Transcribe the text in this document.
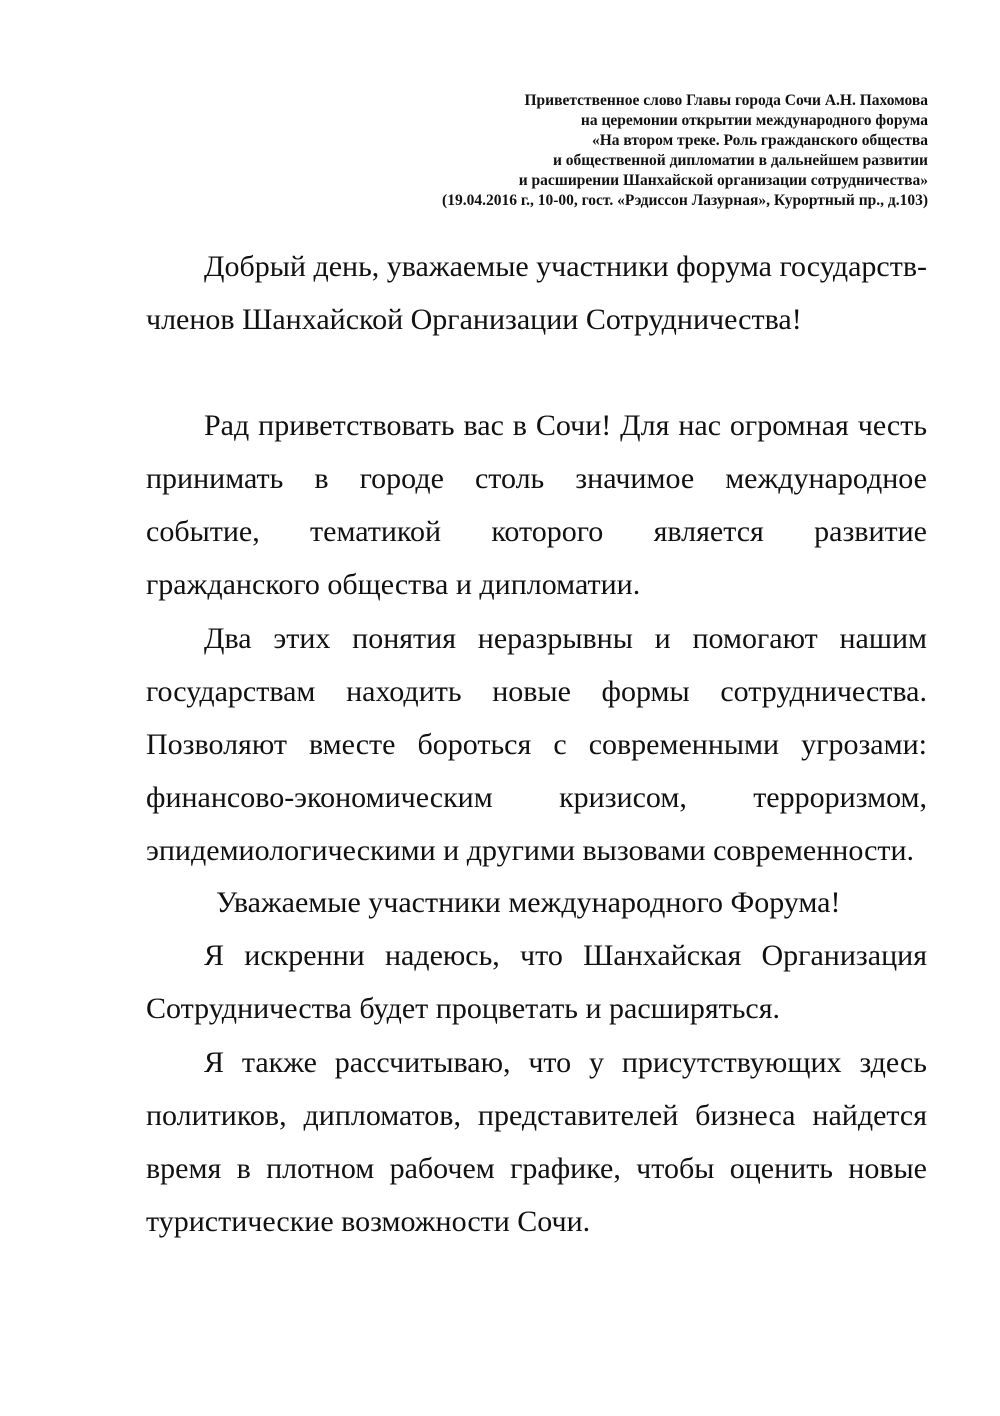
Приветственное слово Главы города Сочи А.Н. Пахомова
на церемонии открытии международного форума
«На втором треке. Роль гражданского общества
и общественной дипломатии в дальнейшем развитии
и расширении Шанхайской организации сотрудничества»
(19.04.2016 г., 10-00, гост. «Рэдиссон Лазурная», Курортный пр., д.103)

Добрый день, уважаемые участники форума государств-членов Шанхайской Организации Сотрудничества!

Рад приветствовать вас в Сочи! Для нас огромная честь принимать в городе столь значимое международное событие, тематикой которого является развитие гражданского общества и дипломатии.

Два этих понятия неразрывны и помогают нашим государствам находить новые формы сотрудничества. Позволяют вместе бороться с современными угрозами: финансово-экономическим кризисом, терроризмом, эпидемиологическими и другими вызовами современности.

Уважаемые участники международного Форума!

Я искренни надеюсь, что Шанхайская Организация Сотрудничества будет процветать и расширяться.

Я также рассчитываю, что у присутствующих здесь политиков, дипломатов, представителей бизнеса найдется время в плотном рабочем графике, чтобы оценить новые туристические возможности Сочи.
